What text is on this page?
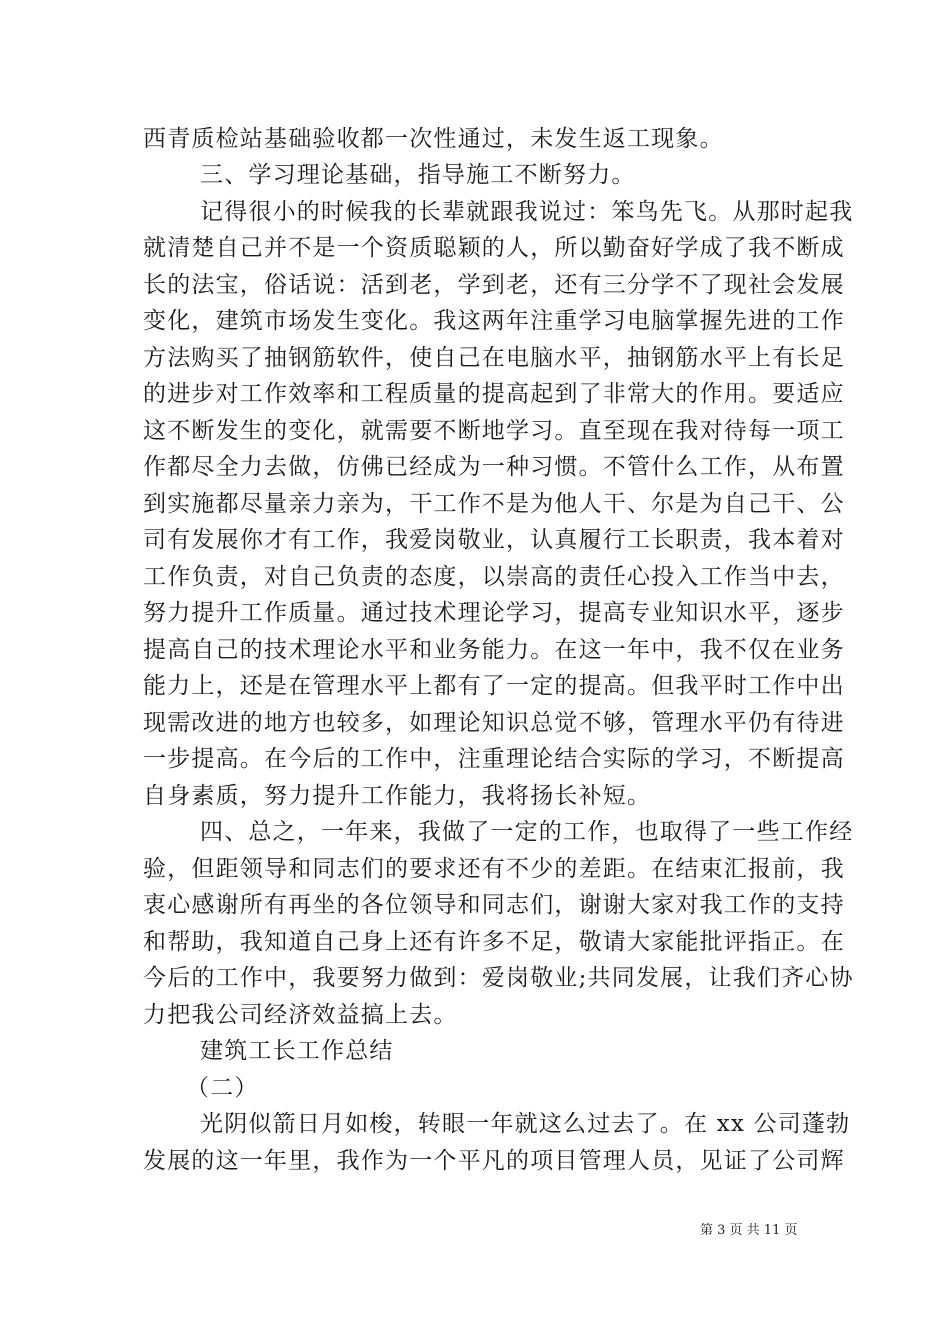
西青质检站基础验收都一次性通过，未发生返工现象。
三、学习理论基础，指导施工不断努力。
记得很小的时候我的长辈就跟我说过：笨鸟先飞。从那时起我
就清楚自己并不是一个资质聪颖的人，所以勤奋好学成了我不断成
长的法宝，俗话说：活到老，学到老，还有三分学不了现社会发展
变化，建筑市场发生变化。我这两年注重学习电脑掌握先进的工作
方法购买了抽钢筋软件，使自己在电脑水平，抽钢筋水平上有长足
的进步对工作效率和工程质量的提高起到了非常大的作用。要适应
这不断发生的变化，就需要不断地学习。直至现在我对待每一项工
作都尽全力去做，仿佛已经成为一种习惯。不管什么工作，从布置
到实施都尽量亲力亲为，干工作不是为他人干、尔是为自己干、公
司有发展你才有工作，我爱岗敬业，认真履行工长职责，我本着对
工作负责，对自己负责的态度，以崇高的责任心投入工作当中去，
努力提升工作质量。通过技术理论学习，提高专业知识水平，逐步
提高自己的技术理论水平和业务能力。在这一年中，我不仅在业务
能力上，还是在管理水平上都有了一定的提高。但我平时工作中出
现需改进的地方也较多，如理论知识总觉不够，管理水平仍有待进
一步提高。在今后的工作中，注重理论结合实际的学习，不断提高
自身素质，努力提升工作能力，我将扬长补短。
四、总之，一年来，我做了一定的工作，也取得了一些工作经
验，但距领导和同志们的要求还有不少的差距。在结束汇报前，我
衷心感谢所有再坐的各位领导和同志们，谢谢大家对我工作的支持
和帮助，我知道自己身上还有许多不足，敬请大家能批评指正。在
今后的工作中，我要努力做到：爱岗敬业;共同发展，让我们齐心协
力把我公司经济效益搞上去。
建筑工长工作总结
（二）
光阴似箭日月如梭，转眼一年就这么过去了。在 xx 公司蓬勃
发展的这一年里，我作为一个平凡的项目管理人员，见证了公司辉
第 3 页 共 11 页
